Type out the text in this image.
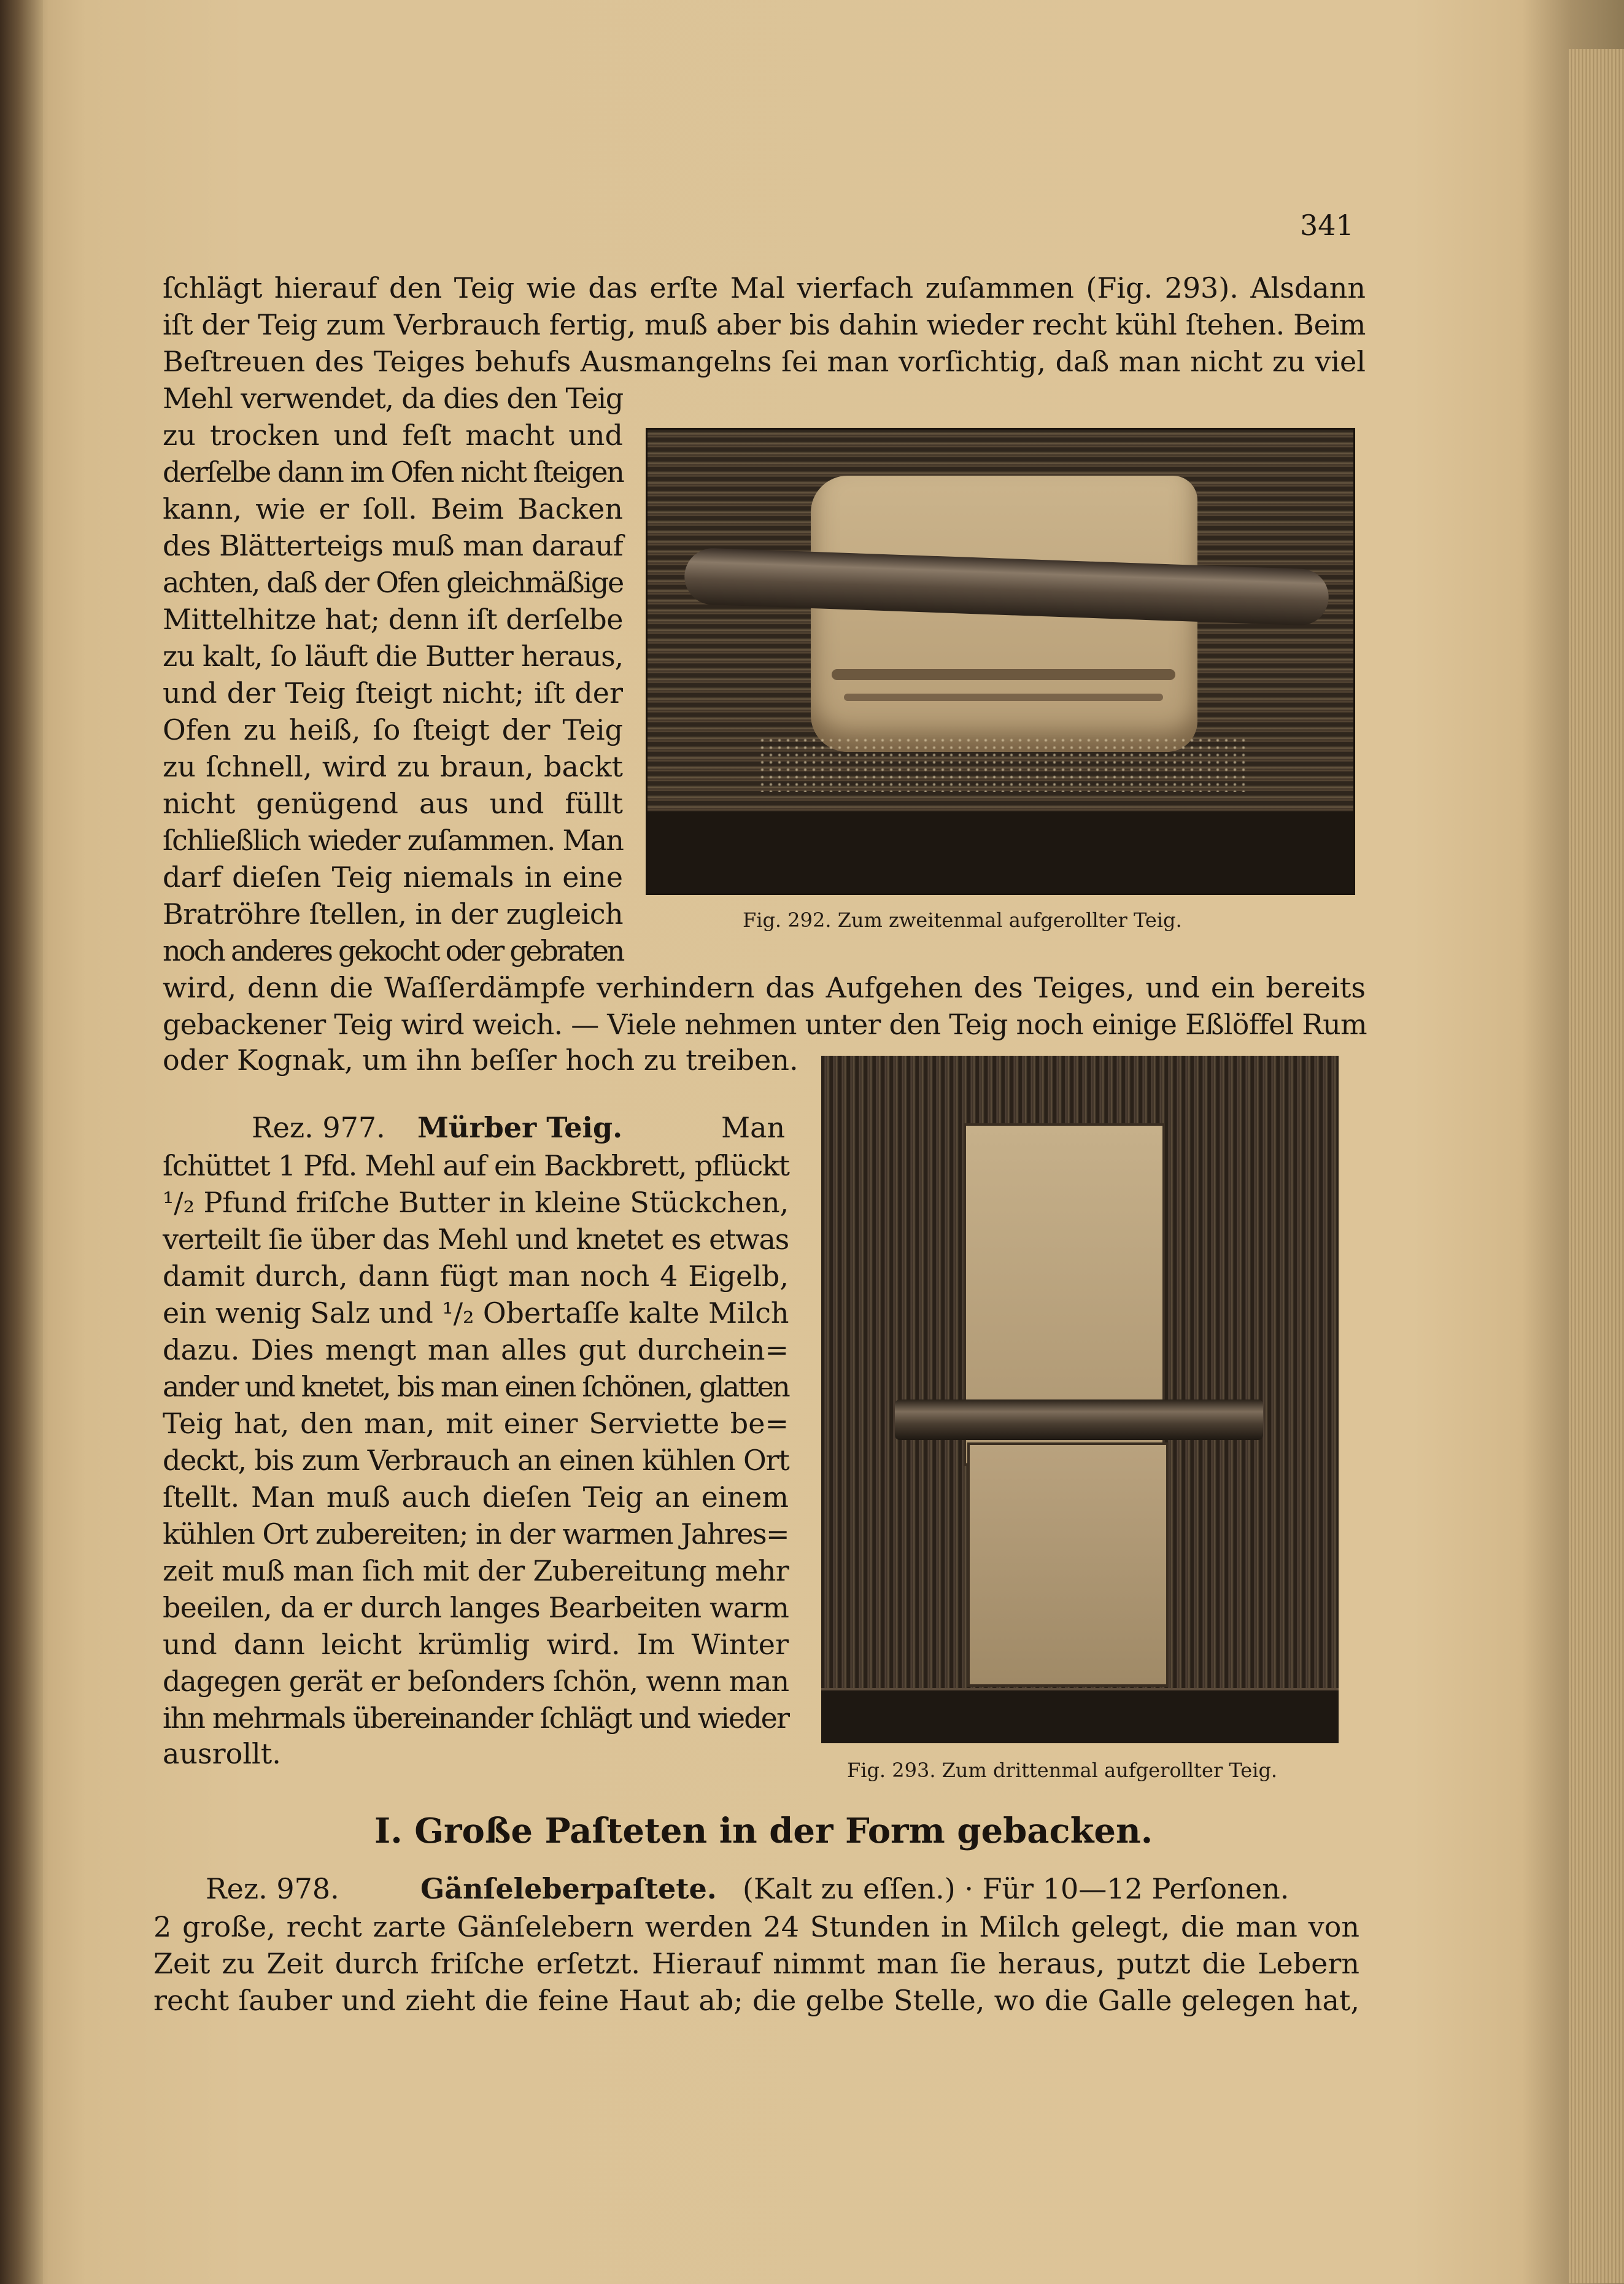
341
ſchlägt hierauf den Teig wie das erſte Mal vierfach zuſammen (Fig. 293). Alsdann
iſt der Teig zum Verbrauch fertig, muß aber bis dahin wieder recht kühl ſtehen. Beim
Beſtreuen des Teiges behufs Ausmangelns ſei man vorſichtig, daß man nicht zu viel
Mehl verwendet, da dies den Teig
zu trocken und feſt macht und
derſelbe dann im Ofen nicht ſteigen
kann, wie er ſoll. Beim Backen
des Blätterteigs muß man darauf
achten, daß der Ofen gleichmäßige
Mittelhitze hat; denn iſt derſelbe
zu kalt, ſo läuft die Butter heraus,
und der Teig ſteigt nicht; iſt der
Ofen zu heiß, ſo ſteigt der Teig
zu ſchnell, wird zu braun, backt
nicht genügend aus und füllt
ſchließlich wieder zuſammen. Man
darf dieſen Teig niemals in eine
Bratröhre ſtellen, in der zugleich
noch anderes gekocht oder gebraten
wird, denn die Waſſerdämpfe verhindern das Aufgehen des Teiges, und ein bereits
gebackener Teig wird weich. — Viele nehmen unter den Teig noch einige Eßlöffel Rum
oder Kognak, um ihn beſſer hoch zu treiben.
Fig. 292. Zum zweitenmal aufgerollter Teig.
Rez. 977. Mürber Teig.	Man
ſchüttet 1 Pfd. Mehl auf ein Backbrett, pflückt
¹/₂ Pfund friſche Butter in kleine Stückchen,
verteilt ſie über das Mehl und knetet es etwas
damit durch, dann fügt man noch 4 Eigelb,
ein wenig Salz und ¹/₂ Obertaſſe kalte Milch
dazu. Dies mengt man alles gut durchein=
ander und knetet, bis man einen ſchönen, glatten
Teig hat, den man, mit einer Serviette be=
deckt, bis zum Verbrauch an einen kühlen Ort
ſtellt. Man muß auch dieſen Teig an einem
kühlen Ort zubereiten; in der warmen Jahres=
zeit muß man ſich mit der Zubereitung mehr
beeilen, da er durch langes Bearbeiten warm
und dann leicht krümlig wird. Im Winter
dagegen gerät er beſonders ſchön, wenn man
ihn mehrmals übereinander ſchlägt und wieder
ausrollt.	Fig. 293. Zum drittenmal aufgerollter Teig.
I. Große Paſteten in der Form gebacken.
Rez. 978.	Gänſeleberpaſtete. (Kalt zu eſſen.) · Für 10—12 Perſonen.
2 große, recht zarte Gänſelebern werden 24 Stunden in Milch gelegt, die man von
Zeit zu Zeit durch friſche erſetzt. Hierauf nimmt man ſie heraus, putzt die Lebern
recht ſauber und zieht die feine Haut ab; die gelbe Stelle, wo die Galle gelegen hat,
